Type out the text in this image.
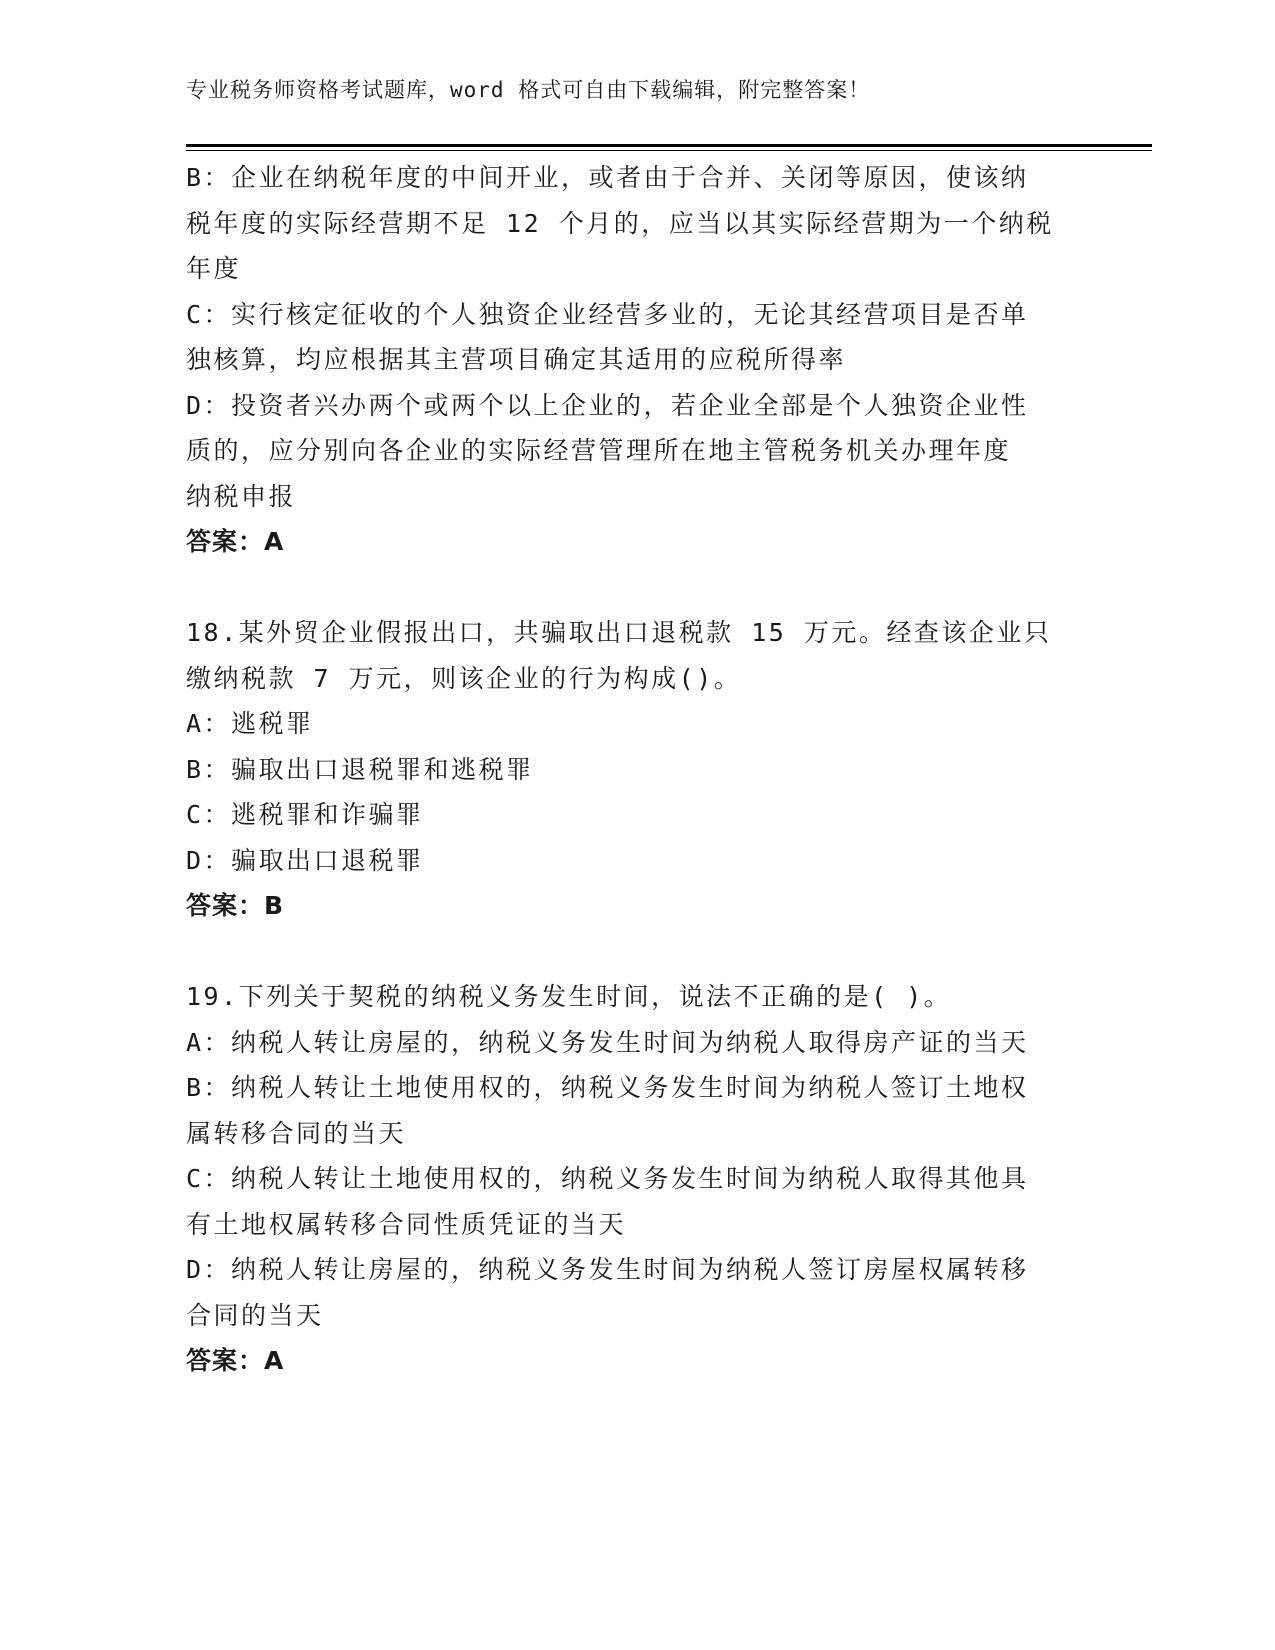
专业税务师资格考试题库，word 格式可自由下载编辑，附完整答案！
B：企业在纳税年度的中间开业，或者由于合并、关闭等原因，使该纳
税年度的实际经营期不足 12 个月的，应当以其实际经营期为一个纳税
年度
C：实行核定征收的个人独资企业经营多业的，无论其经营项目是否单
独核算，均应根据其主营项目确定其适用的应税所得率
D：投资者兴办两个或两个以上企业的，若企业全部是个人独资企业性
质的，应分别向各企业的实际经营管理所在地主管税务机关办理年度
纳税申报
答案：A
18.某外贸企业假报出口，共骗取出口退税款 15 万元。经查该企业只
缴纳税款 7 万元，则该企业的行为构成()。
A：逃税罪
B：骗取出口退税罪和逃税罪
C：逃税罪和诈骗罪
D：骗取出口退税罪
答案：B
19.下列关于契税的纳税义务发生时间，说法不正确的是( )。
A：纳税人转让房屋的，纳税义务发生时间为纳税人取得房产证的当天
B：纳税人转让土地使用权的，纳税义务发生时间为纳税人签订土地权
属转移合同的当天
C：纳税人转让土地使用权的，纳税义务发生时间为纳税人取得其他具
有土地权属转移合同性质凭证的当天
D：纳税人转让房屋的，纳税义务发生时间为纳税人签订房屋权属转移
合同的当天
答案：A
